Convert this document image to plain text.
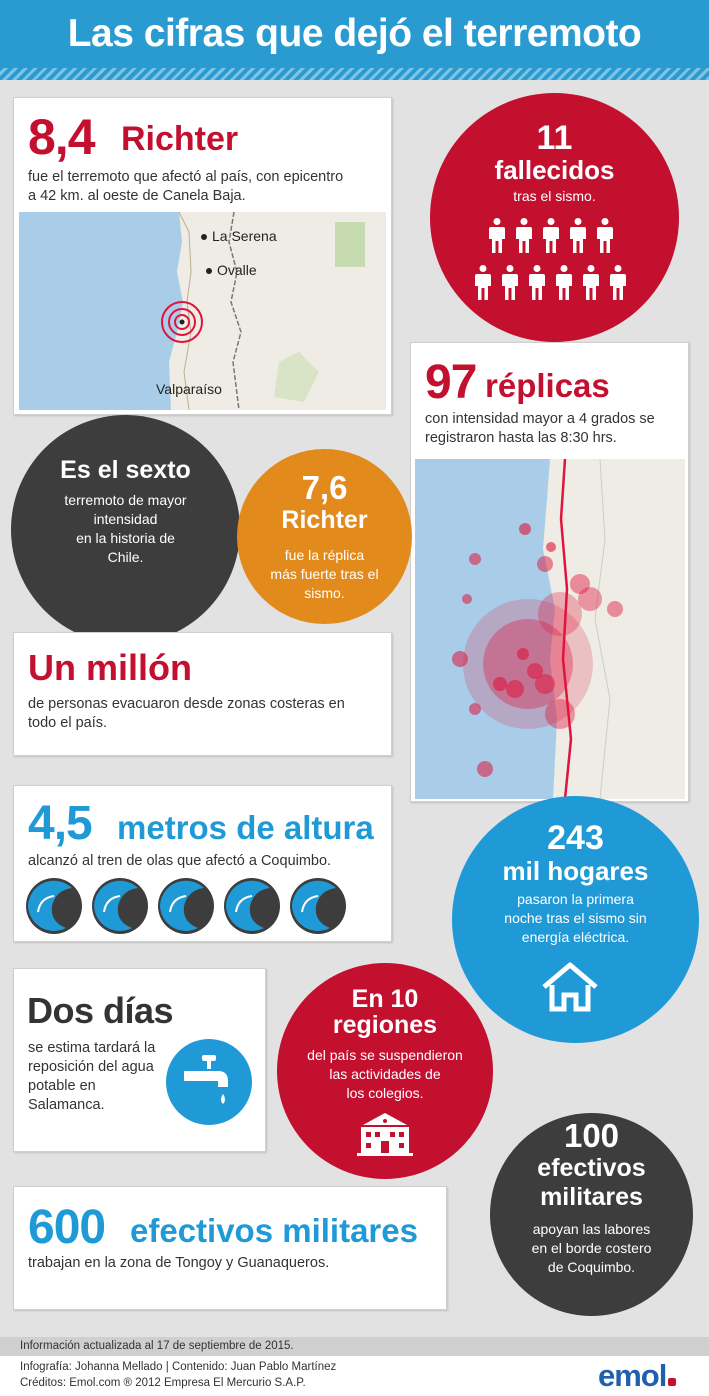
Las cifras que dejó el terremoto
8,4 Richter
fue el terremoto que afectó al país, con epicentro
a 42 km. al oeste de Canela Baja.
La Serena
Ovalle
Valparaíso
11
fallecidos
tras el sismo.
97 réplicas
con intensidad mayor a 4 grados se
registraron hasta las 8:30 hrs.
Es el sexto
terremoto de mayor
intensidad
en la historia de
Chile.
7,6
Richter
fue la réplica
más fuerte tras el
sismo.
Un millón
de personas evacuaron desde zonas costeras en
todo el país.
4,5 metros de altura
alcanzó al tren de olas que afectó a Coquimbo.
243
mil hogares
pasaron la primera
noche tras el sismo sin
energía eléctrica.
Dos días
se estima tardará la
reposición del agua
potable en
Salamanca.
En 10
regiones
del país se suspendieron
las actividades de
los colegios.
100
efectivos
militares
apoyan las labores
en el borde costero
de Coquimbo.
600 efectivos militares
trabajan en la zona de Tongoy y Guanaqueros.
Información actualizada al 17 de septiembre de 2015.
Infografía: Johanna Mellado | Contenido: Juan Pablo Martínez
Créditos: Emol.com ® 2012 Empresa El Mercurio S.A.P.	emol
